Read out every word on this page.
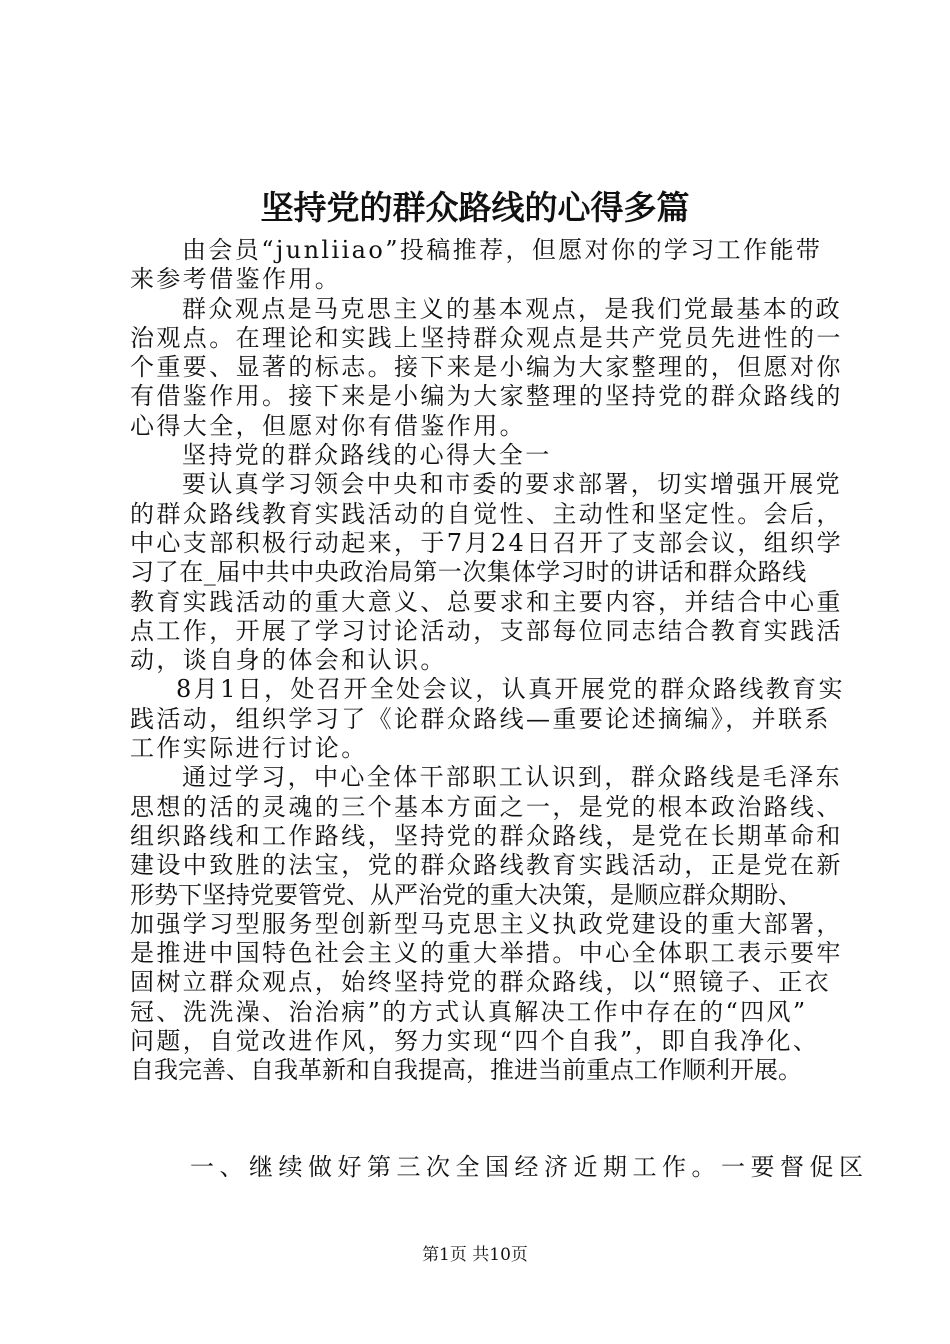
坚持党的群众路线的心得多篇
由会员“junliiao”投稿推荐，但愿对你的学习工作能带
来参考借鉴作用。
群众观点是马克思主义的基本观点，是我们党最基本的政
治观点。在理论和实践上坚持群众观点是共产党员先进性的一
个重要、显著的标志。接下来是小编为大家整理的，但愿对你
有借鉴作用。接下来是小编为大家整理的坚持党的群众路线的
心得大全，但愿对你有借鉴作用。
坚持党的群众路线的心得大全一
要认真学习领会中央和市委的要求部署，切实增强开展党
的群众路线教育实践活动的自觉性、主动性和坚定性。会后，
中心支部积极行动起来，于7月24日召开了支部会议，组织学
习了在_届中共中央政治局第一次集体学习时的讲话和群众路线
教育实践活动的重大意义、总要求和主要内容，并结合中心重
点工作，开展了学习讨论活动，支部每位同志结合教育实践活
动，谈自身的体会和认识。
8月1日，处召开全处会议，认真开展党的群众路线教育实
践活动，组织学习了《论群众路线—重要论述摘编》，并联系
工作实际进行讨论。
通过学习，中心全体干部职工认识到，群众路线是毛泽东
思想的活的灵魂的三个基本方面之一，是党的根本政治路线、
组织路线和工作路线，坚持党的群众路线，是党在长期革命和
建设中致胜的法宝，党的群众路线教育实践活动，正是党在新
形势下坚持党要管党、从严治党的重大决策，是顺应群众期盼、
加强学习型服务型创新型马克思主义执政党建设的重大部署，
是推进中国特色社会主义的重大举措。中心全体职工表示要牢
固树立群众观点，始终坚持党的群众路线，以“照镜子、正衣
冠、洗洗澡、治治病”的方式认真解决工作中存在的“四风”
问题，自觉改进作风，努力实现“四个自我”，即自我净化、
自我完善、自我革新和自我提高，推进当前重点工作顺利开展。
一、继续做好第三次全国经济近期工作。一要督促区
第1页 共10页
